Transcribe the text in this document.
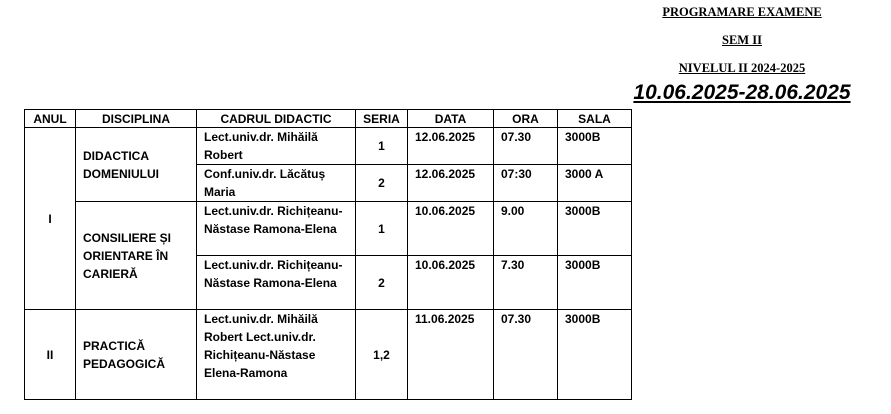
PROGRAMARE EXAMENE
SEM II
NIVELUL II 2024-2025
10.06.2025-28.06.2025
ANUL	DISCIPLINA	CADRUL DIDACTIC	SERIA	DATA	ORA	SALA
I	DIDACTICA DOMENIULUI	Lect.univ.dr. Mihăilă Robert	1	12.06.2025	07.30	3000B
		Conf.univ.dr. Lăcătuș Maria	2	12.06.2025	07:30	3000 A
	CONSILIERE ȘI ORIENTARE ÎN CARIERĂ	Lect.univ.dr. Richițeanu-Năstase Ramona-Elena	1	10.06.2025	9.00	3000B
		Lect.univ.dr. Richițeanu-Năstase Ramona-Elena	2	10.06.2025	7.30	3000B
II	PRACTICĂ PEDAGOGICĂ	Lect.univ.dr. Mihăilă Robert Lect.univ.dr. Richițeanu-Năstase Elena-Ramona	1,2	11.06.2025	07.30	3000B
